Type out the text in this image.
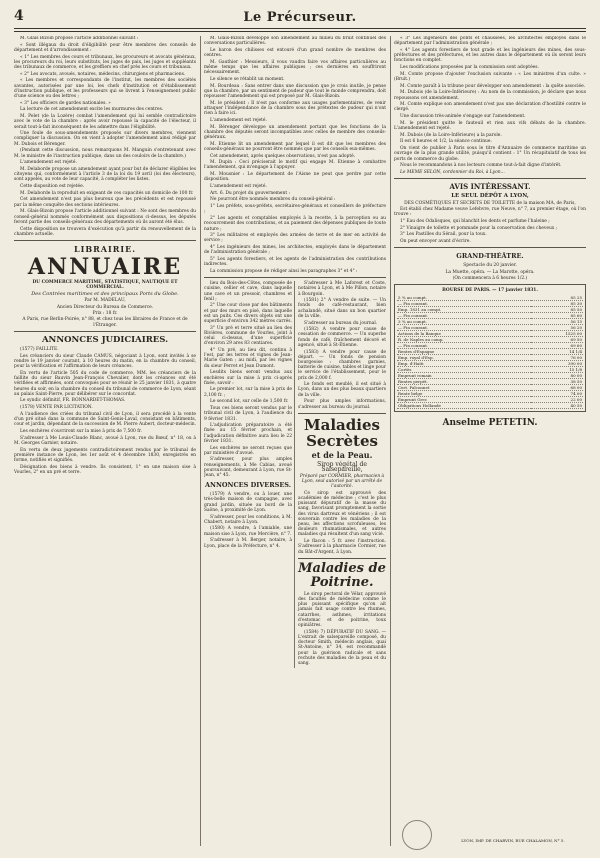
4	Le Précurseur.

M. Glais Bizoin propose l'article additionnel suivant :

« Sont illégaux du droit d'éligibilité pour être membres des conseils de département et d'arrondissement :

« 1° Les membres des cours et tribunaux, les procureurs et avocats généraux, les procureurs du roi, leurs substituts, les juges de paix, les juges et suppléants des tribunaux de commerce, et les greffiers en chef près les cours et tribunaux.

« 2° Les avocats, avoués, notaires, médecins, chirurgiens et pharmaciens.

« Les membres et correspondants de l'institut, les membres des sociétés savantes, autorisées par une loi, les chefs d'institution et d'établissement d'instruction publique, et les professeurs qui se livrent à l'enseignement public d'une science ou des lettres ;

« 3° Les officiers de gardes nationales. »

La lecture de cet amendement excite les murmures des centres.

M. Pelet (de la Lozère) combat l'amendement qui lui semble contradictoire avec le vote de la chambre : après avoir repoussé la capacité de l'électeur, il serait tout-à-fait inconséquent de les admettre dans l'éligibilité.

Une foule de sous-amendements proposés sur divers membres, viennent compliquer la discussion. On en vient à adopter l'amendement ainsi rédigé par M. Dubois et Bérenger.

(Pendant cette discussion, nous remarquons M. Manguin s'entretenant avec M. le ministre de l'instruction publique, dans un des couloirs de la chambre.)

L'amendement est rejeté.

M. Delaborde propose un amendement ayant pour but de déclarer éligibles les citoyens qui, conformément à l'article 3 de la loi du 19 avril (loi des électeurs), sont appelés, au vote de leur capacité, à compléter les listes.

Cette disposition est rejetée.

M. Delaborde la reproduit en exigeant de ces capacités un domicile de 100 fr.

Cet amendement n'est pas plus heureux que les précédents et est repoussé par la même conquête des sections intérieures.

M. Glais-Bizoin propose l'article additionnel suivant : Ne sont des membres du conseil-général nommés conformément aux dispositions ci-dessus, les députés feront partie des conseils-généraux des départements où ils auront été élus.

Cette disposition ne trouvera d'exécution qu'à partir du renouvellement de la chambre actuelle.

LIBRAIRIE.
ANNUAIRE
DU COMMERCE MARITIME, STATISTIQUE, NAUTIQUE ET COMMERCIAL.
Des Contrées maritimes et des principaux Ports du Globe.
Par M. MADELAU,
Ancien Directeur du Bureau de Commerce.
Prix : 18 fr.
A Paris, rue Berlin-Poirée, n° 88, et chez tous les libraires de France et de l'Étranger.
ANNONCES JUDICIAIRES.

(1577) FAILLITE.

Les créanciers du sieur Claude CAMUS, négociant à Lyon, sont invités à se rendre le 19 janvier courant, à 10 heures du matin, en la chambre du conseil, pour la vérification et l'affirmation de leurs créances.

En vertu de l'article 505 du code de commerce, MM. les créanciers de la faillite du sieur Bauvin Jean-François Chevalier, dont les créances ont été vérifiées et affirmées, sont convoqués pour se réunir le 25 janvier 1831, à quatre heures du soir, en la chambre du conseil du tribunal de commerce de Lyon, séant au palais Saint-Pierre, pour délibérer sur le concordat.

Le syndic définitif, FR. BONNARDET-THOMAS.

(1578) VENTE PAR LICITATION.

A l'audience des criées du tribunal civil de Lyon, il sera procédé à la vente d'un pré situé dans la commune de Saint-Genis-Laval, consistant en bâtiments, cour et jardin, dépendant de la succession de M. Pierre Aubert, docteur-médecin.

Les enchères s'ouvriront sur la mise à prix de 7,500 fr.

S'adresser à Me Louis-Claude Blanc, avoué à Lyon, rue du Bœuf, n° 18, ou à M. Georges Garnier, notaire.

En vertu de deux jugements contradictoirement rendus par le tribunal de première instance de Lyon, les 1er août et 4 décembre 1830, enregistrés en forme, notifiés et signifiés.

Désignation des biens à vendre. Ils consistent, 1° en une maison sise à Vourles, 2° en un pré et terre.

M. Glais-Bizoin développe son amendement au milieu du bruit continuel des conversations particulières.

Le baron des chilisses est entouré d'un grand nombre de membres des centres.

M. Gauthier : Messieurs, il vous vaudra faire vos affaires particulières au même temps que les affaires publiques ; ces dernières en souffriront nécessairement.

Le silence se rétablit un moment.

M. Bourdeau : Sans entrer dans une discussion que je crois inutile, je pense que la chambre, par un sentiment de pudeur que tout le monde comprendra, doit repousser l'amendement qui est proposé par M. Glais-Bizoin.

M. le président : Il n'est pas conforme aux usages parlementaires, de venir attaquer l'indépendance de la chambre sous des prétextes de pudeur qui n'ont rien à faire ici.

L'amendement est rejeté.

M. Bérenger développe un amendement portant que les fonctions de la chambre des députés seront incompatibles avec celles de membre des conseils-généraux.

M. Etienne lit un amendement par lequel il est dit que les membres des conseils-généraux ne pourront être nommés que par les conseils eux-mêmes.

Cet amendement, après quelques observations, n'est pas adopté.

M. Dupin : Ceci préciserait le motif qui engage M. Etienne à combattre l'amendement, qui m'engage à l'appuyer.

M. Mousnier : Le département de l'Aisne ne peut que perdre par cette disposition.

L'amendement est rejeté.

Art. 6. Du projet du gouvernement :

Ne pourront être nommés membres du conseil-général :

1° Les préfets, sous-préfets, secrétaires-généraux et conseillers de préfecture ;

2° Les agents et comptables employés à la recette, à la perception ou au recouvrement des contributions, et au paiement des dépenses publiques de toute nature ;

3° Les militaires et employés des armées de terre et de mer en activité de service ;

4° Les ingénieurs des mines, les architectes, employés dans le département de l'administration générale ;

5° Les agents forestiers, et les agents de l'administration des contributions indirectes.

La commission propose de rédiger ainsi les paragraphes 3° et 4° :

lieu du Bois-des-Côtes, composée de cuisine, cellier et cave, dans laquelle une cave et un pressoir, chambres et fenil ;

2° Une cour close par des bâtiments et par des murs en pisé, dans laquelle est un puits. Ces divers objets ont une superficie d'environ 342 mètres carrés.

3° Un pré et terre situé au lieu des Rivières, commune de Vourles, joint à celui ci-dessus, d'une superficie d'environ 29 ares 83 centiares.

4° Un pré, au lieu dit, continu à l'est, par les terres et vignes de Jean-Marie Gaten ; au midi, par les vignes du sieur Perret et Jean Dumont.

Lesdits biens seront vendus aux enchères sur la mise à prix ci-après fixée, savoir :

Le premier lot, sur la mise à prix de 2,100 fr. ;

Le second lot, sur celle de 1,500 fr.

Tous ces biens seront vendus par le tribunal civil de Lyon, à l'audience du 9 février 1831.

L'adjudication préparatoire a été fixée au 15 février prochain, et l'adjudication définitive aura lieu le 22 février 1831.

Les enchères ne seront reçues que par ministère d'avoué.

S'adresser, pour plus amples renseignements, à Me Cabias, avoué poursuivant, demeurant à Lyon, rue St-Jean, n° 45.

ANNONCES DIVERSES.

(1579) A vendre, ou à louer, une très-belle maison de campagne, avec grand jardin, située au bord de la Saône, à proximité de Lyon.

S'adresser, pour les conditions, à M. Chabert, notaire à Lyon.

(1580) A vendre, à l'amiable, une maison sise à Lyon, rue Mercière, n° 7.

S'adresser à M. Berger, notaire, à Lyon, place de la Préfecture, n° 4.

S'adresser à Me Laforest et Coste, notaires à Lyon, et à Me Pillon, notaire à Bourgoin.

(1581) 2° A vendre de suite. — Un fonds de café-restaurant, bien achalandé, situé dans un bon quartier de la ville.

S'adresser au bureau du journal.

(1582) A vendre pour cause de cessation de commerce. — Un superbe fonds de café, fraîchement décoré et agencé, situé à St-Étienne.

(1583) A vendre pour cause de départ. — Un fonds de pension bourgeoise : chambres garnies, batterie de cuisine, tables et linge pour le service de l'établissement, pour le prix de 2,000 f.

Le fonds est meublé, il est situé à Lyon, dans un des plus beaux quartiers de la ville.

Pour plus amples informations, s'adresser au bureau du journal.

Maladies Secrètes
et de la Peau.
Sirop végétal de Salsepareille,
Préparé par CORMIER, pharmacien à Lyon, seul autorisé par un arrêté de l'autorité.

Ce sirop est approuvé des académies de médecine ; c'est le plus puissant dépuratif de la masse du sang, favorisant promptement la sortie des virus dartreux et vénériens ; il est souverain contre les maladies de la peau, les affections scrofuleuses, les douleurs rhumatismales, et autres maladies qui résultent d'un sang vicié.

Le flacon : 5 fr. avec l'instruction. S'adresser à la pharmacie Cormier, rue du Bât-d'Argent, à Lyon.

Maladies de Poitrine.

Le sirop pectoral de Vélar, approuvé des facultés de médecine comme le plus puissant spécifique qu'on ait jamais fait usage contre les rhumes, catarrhes, asthmes, irritations d'estomac et de poitrine, toux opiniâtres.

(1584) 7) DÉPURATIF DU SANG. — L'extrait de salsepareille composé, du docteur Smith, médecin anglais, quai St-Antoine, n° 34, est recommandé pour la guérison radicale et sans rechute des maladies de la peau et du sang.

« 3° Les ingénieurs des ponts et chaussées, les architectes employés dans le département par l'administration générale ;

« 4° Les agents forestiers de tout grade et les ingénieurs des mines, des sous-préfectures et des préfectures, et les autres dans le département où ils seront leurs fonctions en complet.

Les modifications proposées par la commission sont adoptées.

M. Comte propose d'ajouter l'exclusion suivante : « Les ministres d'un culte. » (Bruit.)

M. Comte paraît à la tribune pour développer son amendement : la quête associée.

M. Dubois (de la Loire-Inférieure) : Au nom de la commission, je déclare que nous repoussons cet amendement.

M. Comte explique son amendement n'est pas une déclaration d'hostilité contre le clergé.

Une discussion très-animée s'engage sur l'amendement.

M. le président quitte le fauteuil et rien aux vifs débats de la chambre. L'amendement est rejeté.

M. Dubois (de la Loire-Inférieure) a la parole.

Il est 6 heures et 1/2, la séance continue.

On vient de publier à Paris sous le titre d'Annuaire de commerce maritime un ouvrage de la plus grande utilité, puisqu'il contient : 1° Un récapitulatif de tous les ports de commerce du globe.

Nous le recommandons à nos lecteurs comme tout-à-fait digne d'intérêt.

Le MEME SELON, cordonnier du Roi, à Lyon...
AVIS INTÉRESSANT.
LE SEUL DÉPÔT A LYON,
DES COSMÉTIQUES ET SECRETS DE TOILETTE de la maison MA, de Paris,

Est établi chez Madame veuve Lefebvre, rue Neuve, n° 7, au premier étage, où l'on trouve :

1° Eau des Odalisques, qui blanchit les dents et parfume l'haleine ;

2° Vinaigre de toilette et pommade pour la conservation des cheveux ;

3° Les Pastilles du Sérail, pour la toux.

On peut envoyer avant d'écrire.

GRAND-THÉÂTRE.
Spectacle du 20 janvier.
La Muette, opéra. — La Marotte, opéra.
(On commencera à 6 heures 1/2.)
BOURSE DE PARIS. — 17 janvier 1831.
5 % au compt.	85 25
— Fin courant.	85 30
Emp. 1831 au compt.	85 50
— Fin courant.	85 60
3 % au compt.	56 15
— Fin courant.	56 20
Actions de la Banque	1525 00
R. de Naples au comp.	69 50
— Fin courant.	69 60
Rentes d'Espagne	14 1/4
Emp. royal d'Esp.	76 00
Emp. d'Haïti	390 00
Cortès	15 1/8
Emprunt romain	80 00
Rentes perpét.	38 50
Cert. Falconnet	68 00
Rente belge	74 00
Emprunt Grec	22 00
Obligations Hollande	40 50
Anselme PETETIN.
LYON, IMP. DE CHARVIN, RUE CHALAMON, N° 5.
